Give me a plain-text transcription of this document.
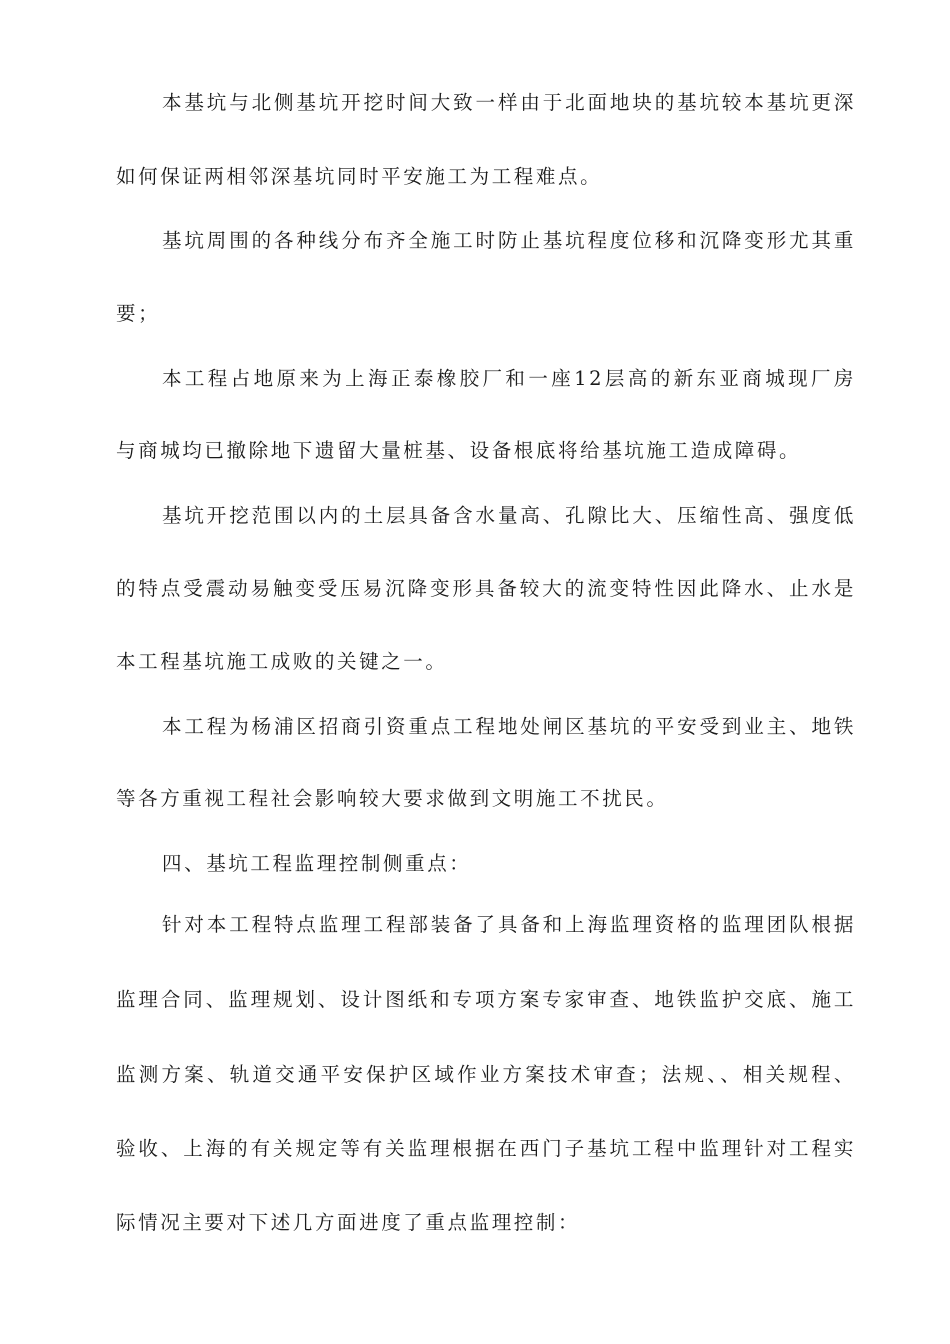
本基坑与北侧基坑开挖时间大致一样由于北面地块的基坑较本基坑更深
如何保证两相邻深基坑同时平安施工为工程难点。
基坑周围的各种线分布齐全施工时防止基坑程度位移和沉降变形尤其重
要；
本工程占地原来为上海正泰橡胶厂和一座12层高的新东亚商城现厂房
与商城均已撤除地下遗留大量桩基、设备根底将给基坑施工造成障碍。
基坑开挖范围以内的土层具备含水量高、孔隙比大、压缩性高、强度低
的特点受震动易触变受压易沉降变形具备较大的流变特性因此降水、止水是
本工程基坑施工成败的关键之一。
本工程为杨浦区招商引资重点工程地处闸区基坑的平安受到业主、地铁
等各方重视工程社会影响较大要求做到文明施工不扰民。
四、基坑工程监理控制侧重点：
针对本工程特点监理工程部装备了具备和上海监理资格的监理团队根据
监理合同、监理规划、设计图纸和专项方案专家审查、地铁监护交底、施工
监测方案、轨道交通平安保护区域作业方案技术审查；法规、、相关规程、
验收、上海的有关规定等有关监理根据在西门子基坑工程中监理针对工程实
际情况主要对下述几方面进度了重点监理控制：
